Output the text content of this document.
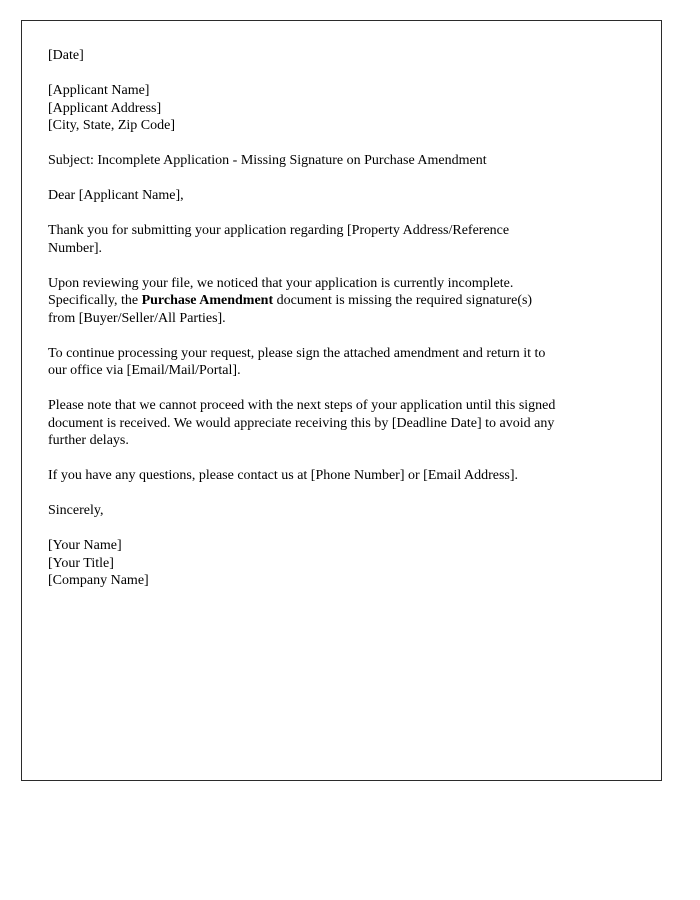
[Date]
[Applicant Name]
[Applicant Address]
[City, State, Zip Code]
Subject: Incomplete Application - Missing Signature on Purchase Amendment
Dear [Applicant Name],
Thank you for submitting your application regarding [Property Address/Reference
Number].
Upon reviewing your file, we noticed that your application is currently incomplete.
Specifically, the Purchase Amendment document is missing the required signature(s)
from [Buyer/Seller/All Parties].
To continue processing your request, please sign the attached amendment and return it to
our office via [Email/Mail/Portal].
Please note that we cannot proceed with the next steps of your application until this signed
document is received. We would appreciate receiving this by [Deadline Date] to avoid any
further delays.
If you have any questions, please contact us at [Phone Number] or [Email Address].
Sincerely,
[Your Name]
[Your Title]
[Company Name]
